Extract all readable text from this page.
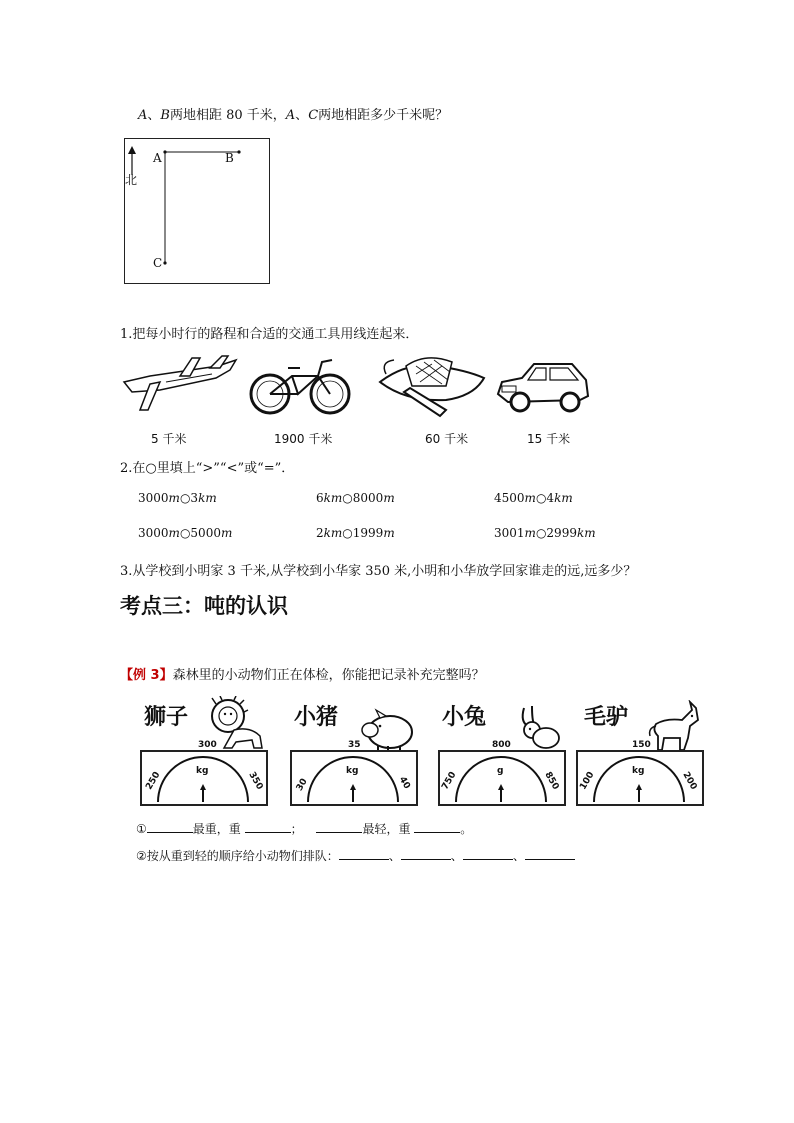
A、B两地相距 80 千米，A、C两地相距多少千米呢？
A	B
C
北
1.把每小时行的路程和合适的交通工具用线连起来．
5 千米	1900 千米	60 千米	15 千米
2.在○里填上“>”“<”或“=”．
3000m○3km	6km○8000m	4500m○4km
3000m○5000m	2km○1999m	3001m○2999km
3.从学校到小明家 3 千米,从学校到小华家 350 米,小明和小华放学回家谁走的远,远多少？
考点三：吨的认识
【例 3】森林里的小动物们正在体检，你能把记录补充完整吗？
狮子
kg
300
250	350
小猪
kg
35
30	40
小兔
g
800
750	850
毛驴
kg
150
100	200
①	最重，重	；	最轻，重	。
②按从重到轻的顺序给小动物们排队：	、	、	、
